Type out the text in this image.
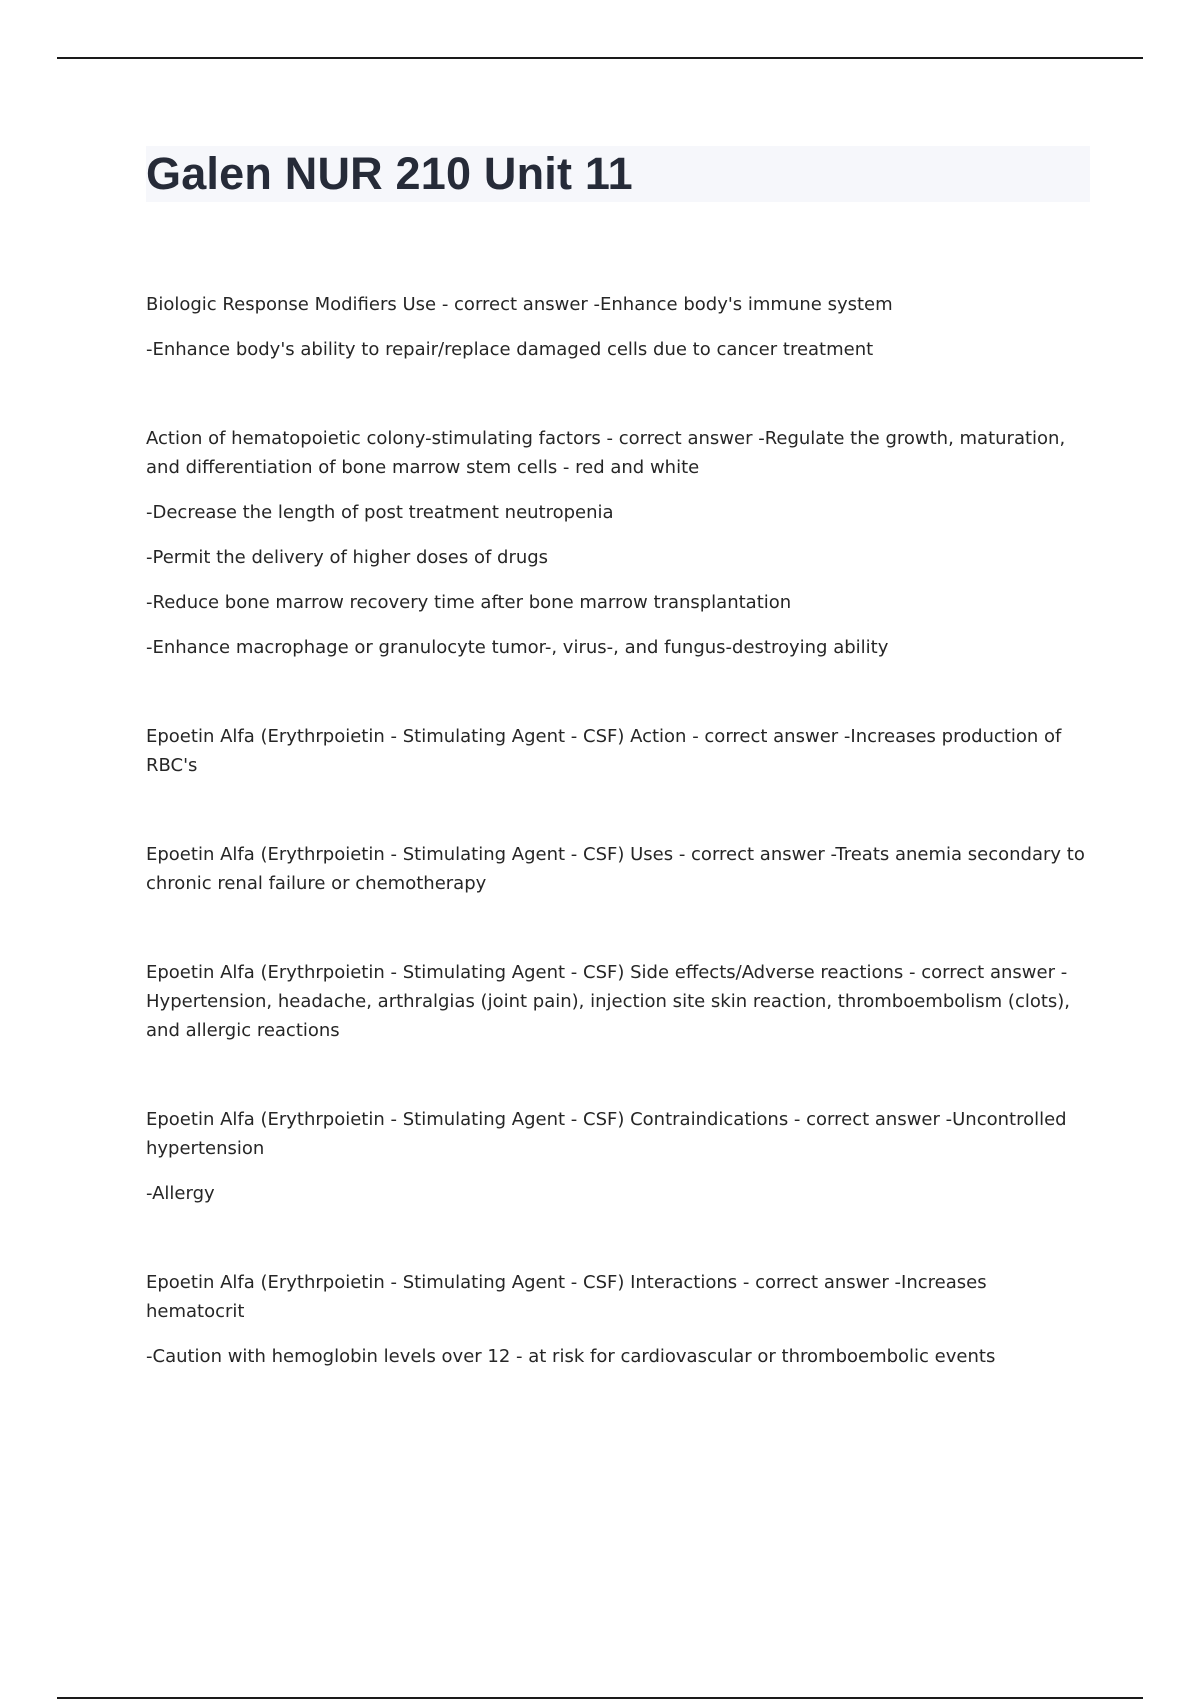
Galen NUR 210 Unit 11

Biologic Response Modifiers Use - correct answer -Enhance body's immune system

-Enhance body's ability to repair/replace damaged cells due to cancer treatment

Action of hematopoietic colony-stimulating factors - correct answer -Regulate the growth, maturation, and differentiation of bone marrow stem cells - red and white

-Decrease the length of post treatment neutropenia

-Permit the delivery of higher doses of drugs

-Reduce bone marrow recovery time after bone marrow transplantation

-Enhance macrophage or granulocyte tumor-, virus-, and fungus-destroying ability

Epoetin Alfa (Erythrpoietin - Stimulating Agent - CSF) Action - correct answer -Increases production of RBC's

Epoetin Alfa (Erythrpoietin - Stimulating Agent - CSF) Uses - correct answer -Treats anemia secondary to chronic renal failure or chemotherapy

Epoetin Alfa (Erythrpoietin - Stimulating Agent - CSF) Side effects/Adverse reactions - correct answer -Hypertension, headache, arthralgias (joint pain), injection site skin reaction, thromboembolism (clots), and allergic reactions

Epoetin Alfa (Erythrpoietin - Stimulating Agent - CSF) Contraindications - correct answer -Uncontrolled hypertension

-Allergy

Epoetin Alfa (Erythrpoietin - Stimulating Agent - CSF) Interactions - correct answer -Increases hematocrit

-Caution with hemoglobin levels over 12 - at risk for cardiovascular or thromboembolic events
